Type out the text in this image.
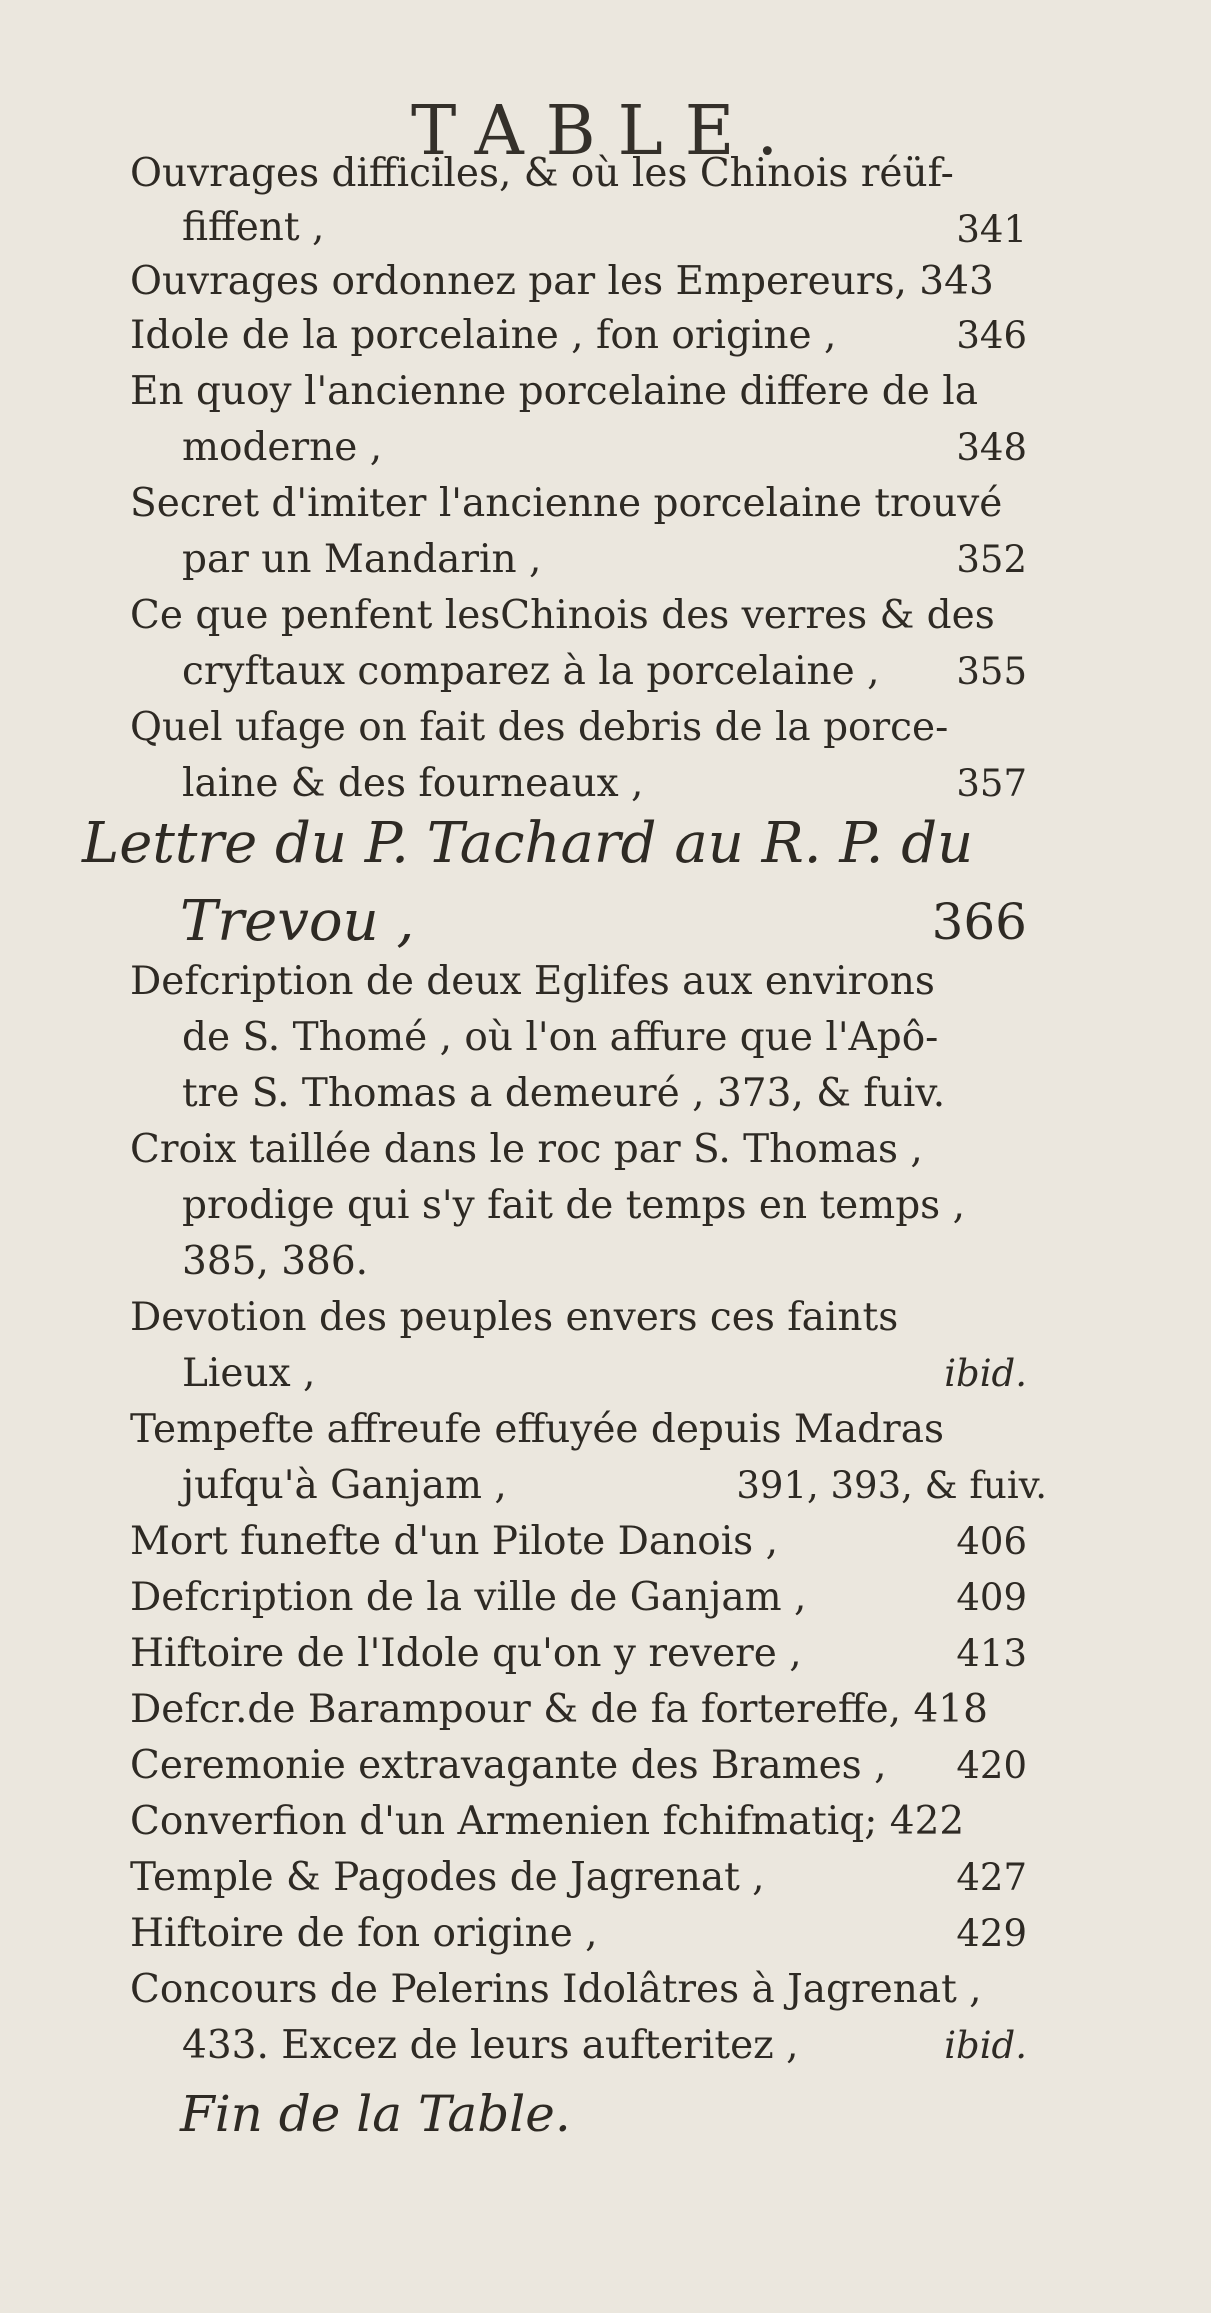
TABLE.
Ouvrages difficiles, & où les Chinois réüf-
fiffent ,	341
Ouvrages ordonnez par les Empereurs, 343
Idole de la porcelaine , fon origine ,	346
En quoy l'ancienne porcelaine differe de la
moderne ,	348
Secret d'imiter l'ancienne porcelaine trouvé
par un Mandarin ,	352
Ce que penfent lesChinois des verres & des
cryftaux comparez à la porcelaine , 355
Quel ufage on fait des debris de la porce-
laine & des fourneaux ,	357
Lettre du P. Tachard au R. P. du
Trevou ,	366
Defcription de deux Eglifes aux environs
de S. Thomé , où l'on affure que l'Apô-
tre S. Thomas a demeuré , 373, & fuiv.
Croix taillée dans le roc par S. Thomas ,
prodige qui s'y fait de temps en temps ,
385, 386.
Devotion des peuples envers ces faints
Lieux ,	ibid.
Tempefte affreufe effuyée depuis Madras
jufqu'à Ganjam ,	391, 393, & fuiv.
Mort funefte d'un Pilote Danois ,	406
Defcription de la ville de Ganjam ,	409
Hiftoire de l'Idole qu'on y revere ,	413
Defcr.de Barampour & de fa fortereffe, 418
Ceremonie extravagante des Brames , 420
Converfion d'un Armenien fchifmatiq; 422
Temple & Pagodes de Jagrenat ,	427
Hiftoire de fon origine ,	429
Concours de Pelerins Idolâtres à Jagrenat ,
433. Excez de leurs aufteritez ,	ibid.
Fin de la Table.
